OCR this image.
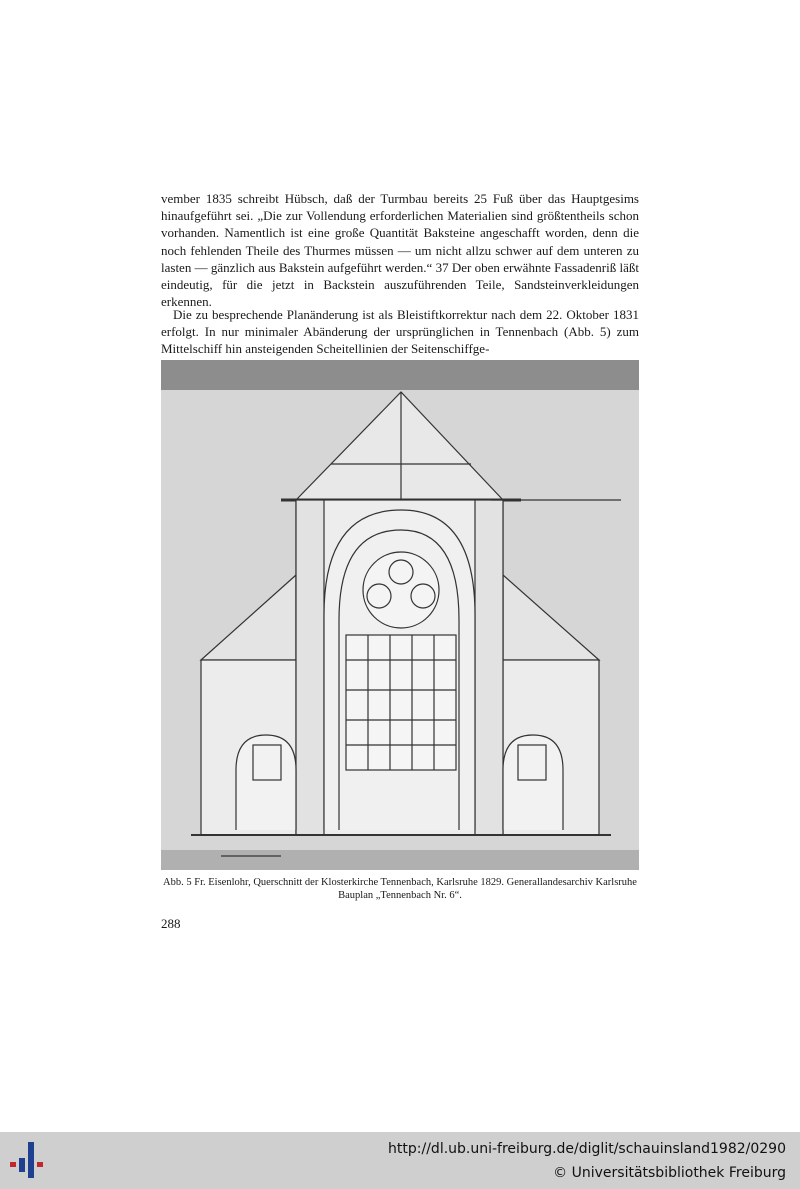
vember 1835 schreibt Hübsch, daß der Turmbau bereits 25 Fuß über das Hauptgesims hinaufgeführt sei. „Die zur Vollendung erforderlichen Materialien sind größtentheils schon vorhanden. Namentlich ist eine große Quantität Baksteine angeschafft worden, denn die noch fehlenden Theile des Thurmes müssen — um nicht allzu schwer auf dem unteren zu lasten — gänzlich aus Bakstein aufgeführt werden.“ 37 Der oben erwähnte Fassadenriß läßt eindeutig, für die jetzt in Backstein auszuführenden Teile, Sandsteinverkleidungen erkennen.

Die zu besprechende Planänderung ist als Bleistiftkorrektur nach dem 22. Oktober 1831 erfolgt. In nur minimaler Abänderung der ursprünglichen in Tennenbach (Abb. 5) zum Mittelschiff hin ansteigenden Scheitellinien der Seitenschiffge-

Abb. 5 Fr. Eisenlohr, Querschnitt der Klosterkirche Tennenbach, Karlsruhe 1829. Generallandesarchiv Karlsruhe Bauplan „Tennenbach Nr. 6“.

288
http://dl.ub.uni-freiburg.de/diglit/schauinsland1982/0290
© Universitätsbibliothek Freiburg
